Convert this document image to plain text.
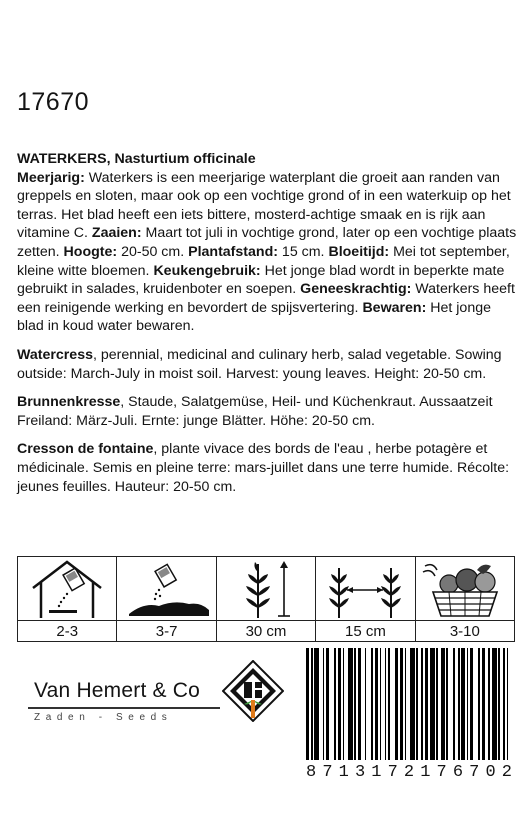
17670

WATERKERS, Nasturtium officinale

Meerjarig: Waterkers is een meerjarige waterplant die groeit aan randen van greppels en sloten, maar ook op een vochtige grond of in een waterkuip op het terras. Het blad heeft een iets bittere, mosterd-achtige smaak en is rijk aan vitamine C. Zaaien: Maart tot juli in vochtige grond, later op een vochtige plaats zetten. Hoogte: 20-50 cm. Plantafstand: 15 cm. Bloeitijd: Mei tot september, kleine witte bloemen. Keukengebruik: Het jonge blad wordt in beperkte mate gebruikt in salades, kruidenboter en soepen. Geneeskrachtig: Waterkers heeft een reinigende werking en bevordert de spijsvertering. Bewaren: Het jonge blad in koud water bewaren.

Watercress, perennial, medicinal and culinary herb, salad vegetable. Sowing outside: March-July in moist soil. Harvest: young leaves. Height: 20-50 cm.

Brunnenkresse, Staude, Salatgemüse, Heil- und Küchenkraut. Aussaatzeit Freiland: März-Juli. Ernte: junge Blätter. Höhe: 20-50 cm.

Cresson de fontaine, plante vivace des bords de l'eau , herbe potagère et médicinale. Semis en pleine terre: mars-juillet dans une terre humide. Récolte: jeunes feuilles. Hauteur: 20-50 cm.

2-3	3-7	30 cm	15 cm	3-10
Van Hemert & Co
Zaden - Seeds
8 7 1 3 1 7 2 1 7 6 7 0 2
